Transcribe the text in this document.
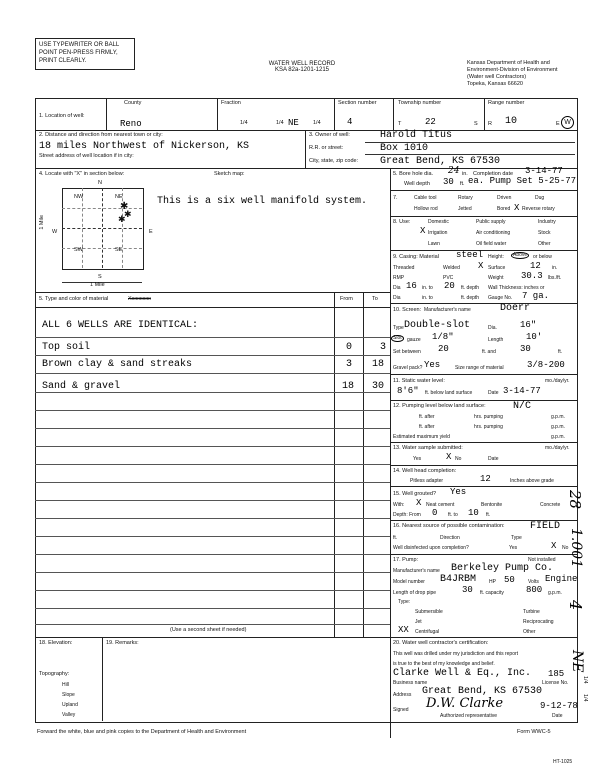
USE TYPEWRITER OR BALL
POINT PEN-PRESS FIRMLY,
PRINT CLEARLY.	WATER WELL RECORD
KSA 82a-1201-1215
Kansas Department of Health and
Environment-Division of Environment
(Water well Contractors)
Topeka, Kansas 66620
1. Location of well:
County
Reno
Fraction
1/4	1/4 NE	1/4
Section number
4
Township number
T	22	S
Range number
R 10	E W
2. Distance and direction from nearest town or city:
18 miles Northwest of Nickerson, KS
Street address of well location if in city:
3. Owner of well:	Harold Titus
R.R. or street:	Box 1010
City, state, zip code: Great Bend, KS 67530
4. Locate with "X" in section below:	Sketch map:
N
S
W	E
1 Mile
NW	NE
SW	SE
✱
✱
✱
1 Mile
This is a six well manifold system.
5. Type and color of material	Xxxxxxxx	From	To
ALL 6 WELLS ARE IDENTICAL:
Top soil	0	3
Brown clay & sand streaks	3 18
Sand & gravel	18 30
(Use a second sheet if needed)
5. Bore hole dia. 24 in. Completion date 3-14-77
Well depth 30 ft. ea. Pump Set 5-25-77
7.	Cable tool	Rotary	Driven	Dug
Hollow rod	Jetted	Bored X Reverse rotary
8. Use:	Domestic	Public supply	Industry
X Irrigation	Air conditioning	Stock
Lawn	Oil field water	Other
9. Casing: Material steel Height:	Above	or below
Threaded	Welded X Surface	12 in.
RMP	PVC	Weight 30.3 lbs./ft.
Dia 16 in. to 20 ft. depth Wall Thickness: inches or
Dia	in. to	ft. depth Gauge No. 7 ga.
10. Screen: Manufacturer's name	Doerr
Type Double-slot	Dia.	16"
Slot	gauze 1/8"	Length	10'
Set between 20	ft. and	30	ft.
Gravel pack? Yes	Size range of material	3/8-200
11. Static water level:	mo./day/yr.
8'6" ft. below land surface	Date 3-14-77
12. Pumping level below land surface:	N/C
ft. after	hrs. pumping	g.p.m.
ft. after	hrs. pumping	g.p.m.
Estimated maximum yield	g.p.m.
13. Water sample submitted:	mo./day/yr.
Yes	X No	Date
14. Well head completion:
Pitless adapter	12	Inches above grade
15. Well grouted? Yes
With: X Neat cement	Bentonite	Concrete
Depth: From 0 ft. to 10 ft.
16. Nearest source of possible contamination:	FIELD
ft.	Direction	Type
Well disinfected upon completion?	Yes	X No
17. Pump:	Not installed
Manufacturer's name Berkeley Pump Co.
Model number B4JRBM	HP 50	Volts Engine
Length of drop pipe	30 ft. capacity 800 g.p.m.
Type:
Submersible	Turbine
Jet	Reciprocating
XX Centrifugal	Other
18. Elevation:
Topography:
Hill
Slope
Upland
Valley
19. Remarks:	20. Water well contractor's certification:
This well was drilled under my jurisdiction and this report
is true to the best of my knowledge and belief.
Clarke Well & Eq., Inc. 185
Business name	License No.
Address Great Bend, KS 67530
Signed D.W. Clarke	9-12-78
Authorized representative	Date
Forward the white, blue and pink copies to the Department of Health and Environment	Form WWC-5
HT-1025
28
1.001
4
NE
1/4
1/4
